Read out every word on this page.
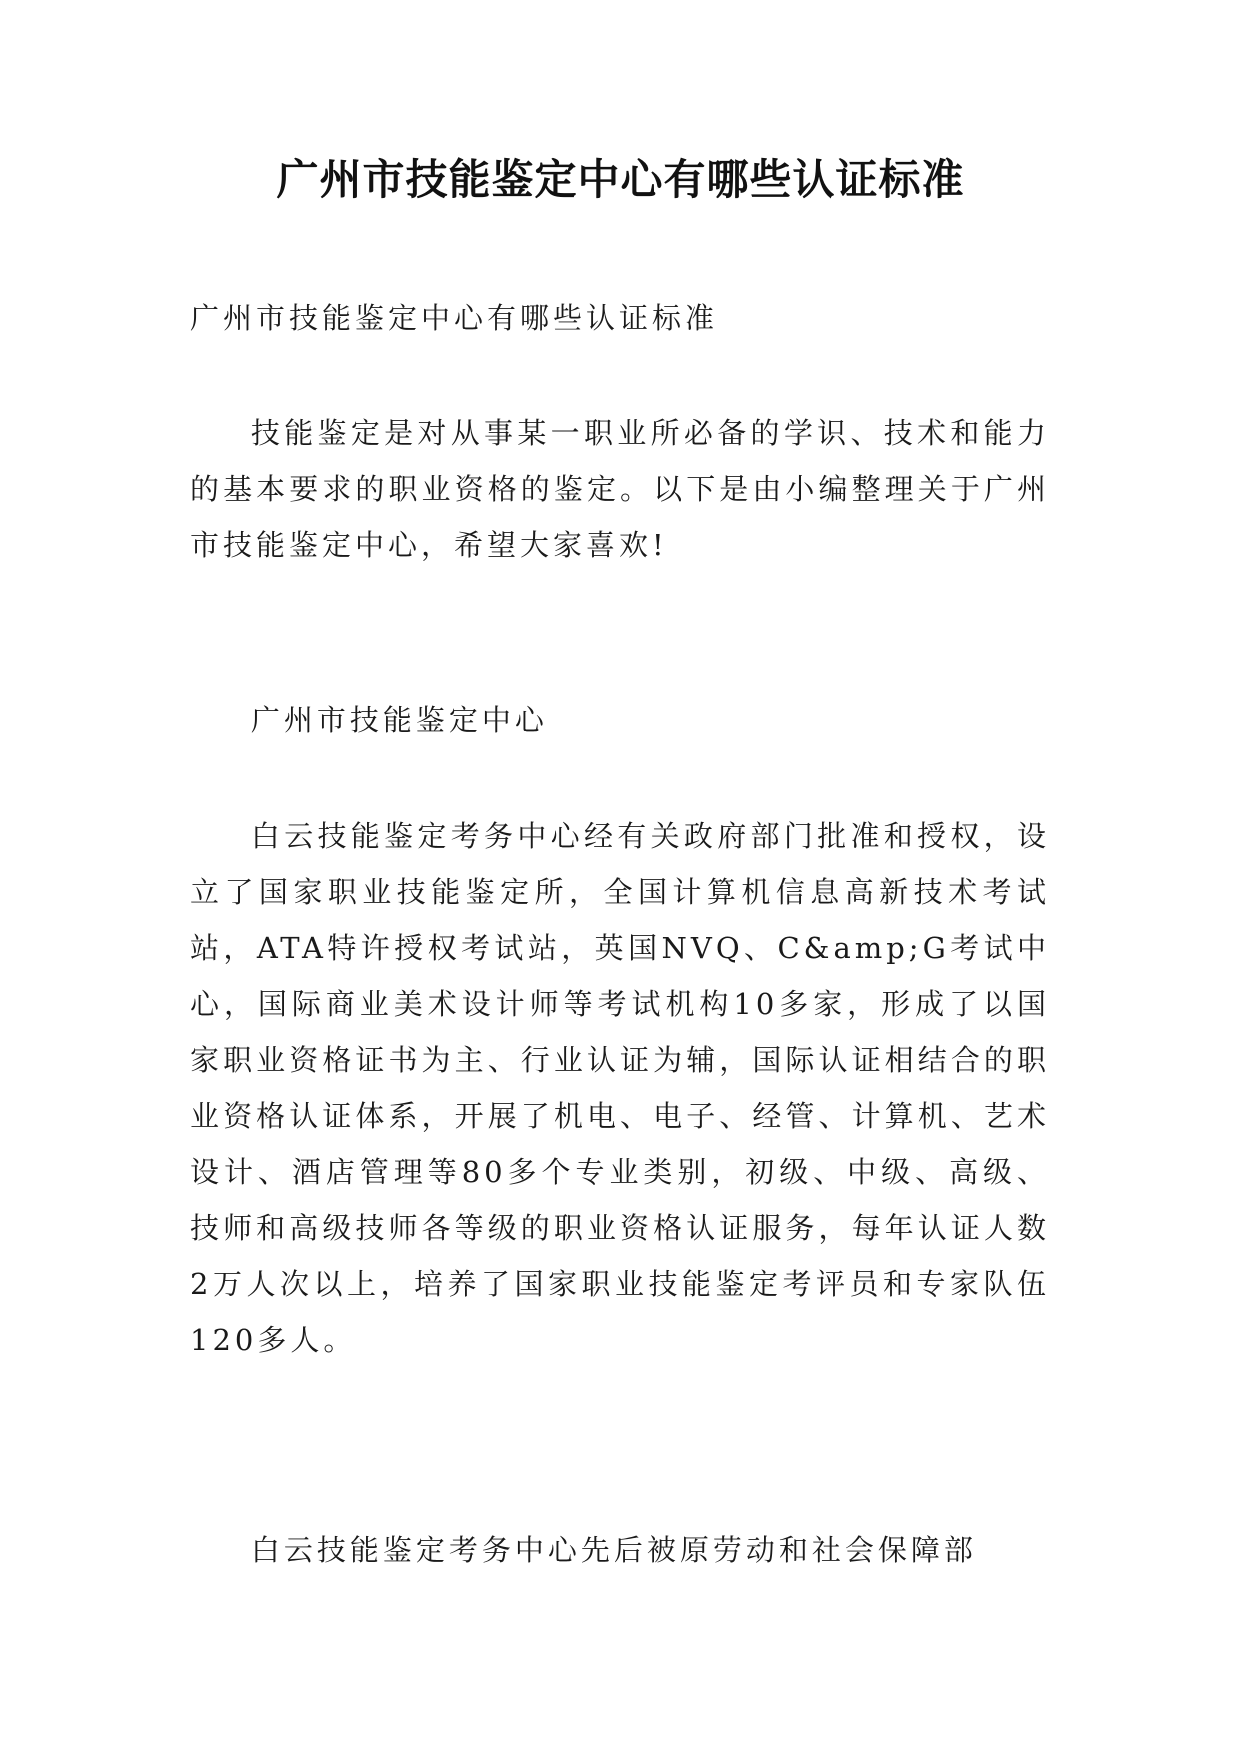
广州市技能鉴定中心有哪些认证标准

广州市技能鉴定中心有哪些认证标准

技能鉴定是对从事某一职业所必备的学识、技术和能力的基本要求的职业资格的鉴定。以下是由小编整理关于广州市技能鉴定中心，希望大家喜欢!

广州市技能鉴定中心

白云技能鉴定考务中心经有关政府部门批准和授权，设立了国家职业技能鉴定所，全国计算机信息高新技术考试站，ATA特许授权考试站，英国NVQ、C&amp;G考试中心，国际商业美术设计师等考试机构10多家，形成了以国家职业资格证书为主、行业认证为辅，国际认证相结合的职业资格认证体系，开展了机电、电子、经管、计算机、艺术设计、酒店管理等80多个专业类别，初级、中级、高级、技师和高级技师各等级的职业资格认证服务，每年认证人数2万人次以上，培养了国家职业技能鉴定考评员和专家队伍120多人。

白云技能鉴定考务中心先后被原劳动和社会保障部
